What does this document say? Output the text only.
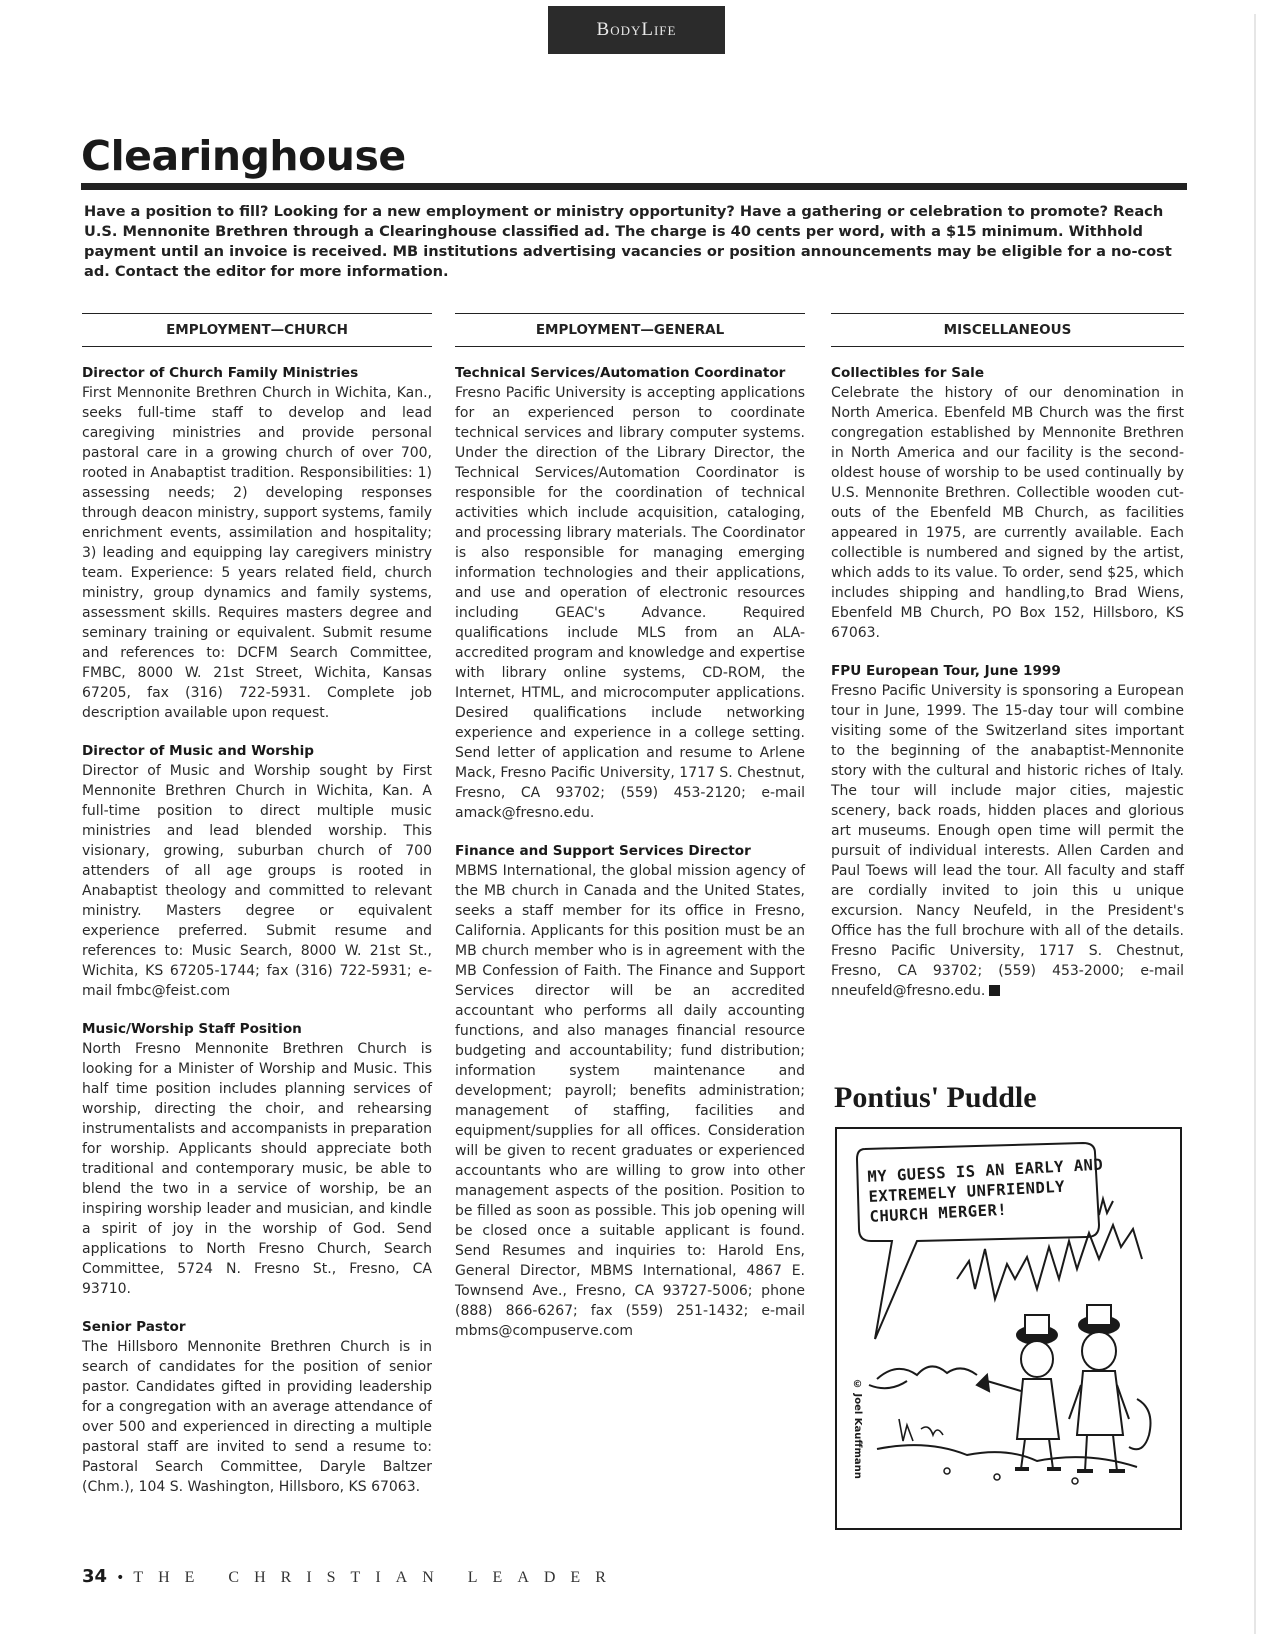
BodyLife
Clearinghouse

Have a position to fill? Looking for a new employment or ministry opportunity? Have a gathering or celebration to promote? Reach U.S. Mennonite Brethren through a Clearinghouse classified ad. The charge is 40 cents per word, with a $15 minimum. Withhold payment until an invoice is received. MB institutions advertising vacancies or position announcements may be eligible for a no-cost ad. Contact the editor for more information.

EMPLOYMENT—CHURCH

Director of Church Family Ministries

First Mennonite Brethren Church in Wichita, Kan., seeks full-time staff to develop and lead caregiving ministries and provide personal pastoral care in a growing church of over 700, rooted in Anabaptist tradition. Responsibilities: 1) assessing needs; 2) developing responses through deacon ministry, support systems, family enrichment events, assimilation and hospitality; 3) leading and equipping lay caregivers ministry team. Experience: 5 years related field, church ministry, group dynamics and family systems, assessment skills. Requires masters degree and seminary training or equivalent. Submit resume and references to: DCFM Search Committee, FMBC, 8000 W. 21st Street, Wichita, Kansas 67205, fax (316) 722-5931. Complete job description available upon request.

Director of Music and Worship

Director of Music and Worship sought by First Mennonite Brethren Church in Wichita, Kan. A full-time position to direct multiple music ministries and lead blended worship. This visionary, growing, suburban church of 700 attenders of all age groups is rooted in Anabaptist theology and committed to relevant ministry. Masters degree or equivalent experience preferred. Submit resume and references to: Music Search, 8000 W. 21st St., Wichita, KS 67205-1744; fax (316) 722-5931; e-mail fmbc@feist.com

Music/Worship Staff Position

North Fresno Mennonite Brethren Church is looking for a Minister of Worship and Music. This half time position includes planning services of worship, directing the choir, and rehearsing instrumentalists and accompanists in preparation for worship. Applicants should appreciate both traditional and contemporary music, be able to blend the two in a service of worship, be an inspiring worship leader and musician, and kindle a spirit of joy in the worship of God. Send applications to North Fresno Church, Search Committee, 5724 N. Fresno St., Fresno, CA 93710.

Senior Pastor

The Hillsboro Mennonite Brethren Church is in search of candidates for the position of senior pastor. Candidates gifted in providing leadership for a congregation with an average attendance of over 500 and experienced in directing a multiple pastoral staff are invited to send a resume to: Pastoral Search Committee, Daryle Baltzer (Chm.), 104 S. Washington, Hillsboro, KS 67063.

EMPLOYMENT—GENERAL

Technical Services/Automation Coordinator

Fresno Pacific University is accepting applications for an experienced person to coordinate technical services and library computer systems. Under the direction of the Library Director, the Technical Services/Automation Coordinator is responsible for the coordination of technical activities which include acquisition, cataloging, and processing library materials. The Coordinator is also responsible for managing emerging information technologies and their applications, and use and operation of electronic resources including GEAC's Advance. Required qualifications include MLS from an ALA-accredited program and knowledge and expertise with library online systems, CD-ROM, the Internet, HTML, and microcomputer applications. Desired qualifications include networking experience and experience in a college setting. Send letter of application and resume to Arlene Mack, Fresno Pacific University, 1717 S. Chestnut, Fresno, CA 93702; (559) 453-2120; e-mail amack@fresno.edu.

Finance and Support Services Director

MBMS International, the global mission agency of the MB church in Canada and the United States, seeks a staff member for its office in Fresno, California. Applicants for this position must be an MB church member who is in agreement with the MB Confession of Faith. The Finance and Support Services director will be an accredited accountant who performs all daily accounting functions, and also manages financial resource budgeting and accountability; fund distribution; information system maintenance and development; payroll; benefits administration; management of staffing, facilities and equipment/supplies for all offices. Consideration will be given to recent graduates or experienced accountants who are willing to grow into other management aspects of the position. Position to be filled as soon as possible. This job opening will be closed once a suitable applicant is found. Send Resumes and inquiries to: Harold Ens, General Director, MBMS International, 4867 E. Townsend Ave., Fresno, CA 93727-5006; phone (888) 866-6267; fax (559) 251-1432; e-mail mbms@compuserve.com

MISCELLANEOUS

Collectibles for Sale

Celebrate the history of our denomination in North America. Ebenfeld MB Church was the first congregation established by Mennonite Brethren in North America and our facility is the second-oldest house of worship to be used continually by U.S. Mennonite Brethren. Collectible wooden cut-outs of the Ebenfeld MB Church, as facilities appeared in 1975, are currently available. Each collectible is numbered and signed by the artist, which adds to its value. To order, send $25, which includes shipping and handling,to Brad Wiens, Ebenfeld MB Church, PO Box 152, Hillsboro, KS 67063.

FPU European Tour, June 1999

Fresno Pacific University is sponsoring a European tour in June, 1999. The 15-day tour will combine visiting some of the Switzerland sites important to the beginning of the anabaptist-Mennonite story with the cultural and historic riches of Italy. The tour will include major cities, majestic scenery, back roads, hidden places and glorious art museums. Enough open time will permit the pursuit of individual interests. Allen Carden and Paul Toews will lead the tour. All faculty and staff are cordially invited to join this u unique excursion. Nancy Neufeld, in the President's Office has the full brochure with all of the details. Fresno Pacific University, 1717 S. Chestnut, Fresno, CA 93702; (559) 453-2000; e-mail nneufeld@fresno.edu.

Pontius' Puddle
MY GUESS IS AN EARLY AND EXTREMELY UNFRIENDLY CHURCH MERGER!
© Joel Kauffmann
34 • THE CHRISTIAN LEADER
